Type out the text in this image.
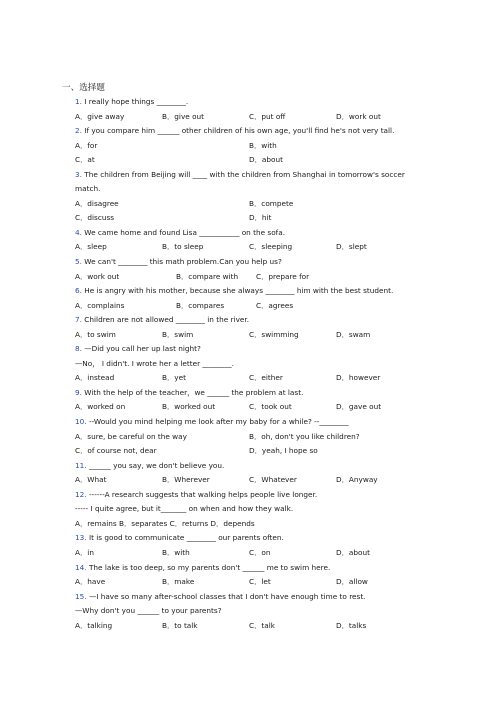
一、选择题
1. I really hope things ________.
A．give away	B．give out	C．put off	D．work out
2. If you compare him ______ other children of his own age, you'll find he's not very tall.
A．for	B．with
C．at	D．about
3. The children from Beijing will ____ with the children from Shanghai in tomorrow's soccer match.
A．disagree	B．compete
C．discuss	D．hit
4. We came home and found Lisa ___________ on the sofa.
A．sleep	B．to sleep	C．sleeping	D．slept
5. We can't ________ this math problem.Can you help us?
A．work out	B．compare with C．prepare for
6. He is angry with his mother, because she always ________ him with the best student.
A．complains	B．compares	C．agrees
7. Children are not allowed ________ in the river.
A．to swim	B．swim	C．swimming	D．swam
8. —Did you call her up last night?
—No， I didn't. I wrote her a letter ________.
A．instead	B．yet	C．either	D．however
9. With the help of the teacher，we ______ the problem at last.
A．worked on	B．worked out	C．took out	D．gave out
10. --Would you mind helping me look after my baby for a while? --________
A．sure, be careful on the way	B．oh, don't you like children?
C．of course not, dear	D．yeah, I hope so
11. ______ you say, we don't believe you.
A．What	B．Wherever	C．Whatever	D．Anyway
12. ------A research suggests that walking helps people live longer.
----- I quite agree, but it_______ on when and how they walk.
A．remains B．separates C．returns D．depends
13. It is good to communicate ________ our parents often.
A．in	B．with	C．on	D．about
14. The lake is too deep, so my parents don't ______ me to swim here.
A．have	B．make	C．let	D．allow
15. —I have so many after-school classes that I don't have enough time to rest.
—Why don't you ______ to your parents?
A．talking	B．to talk	C．talk	D．talks
